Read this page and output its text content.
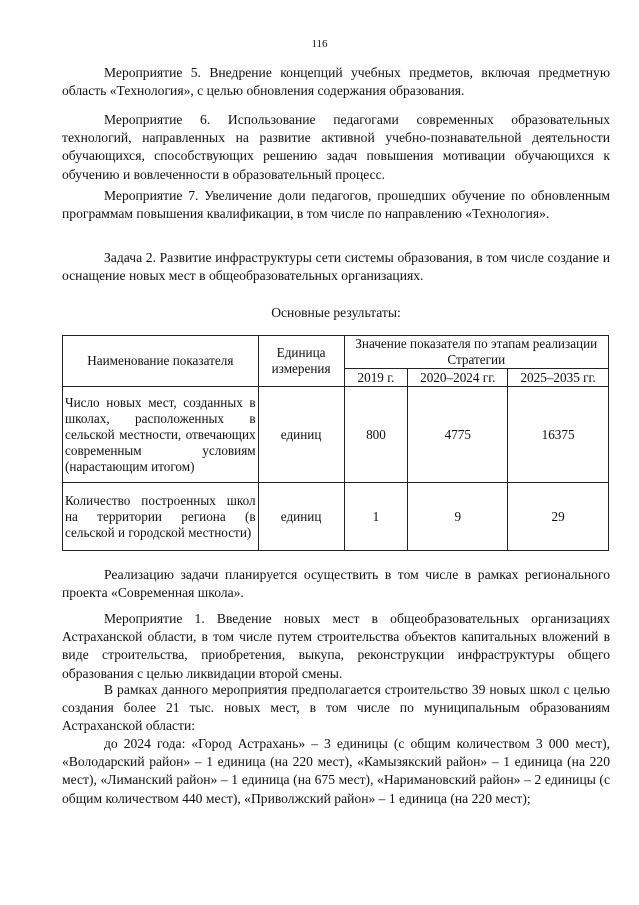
116

Мероприятие 5. Внедрение концепций учебных предметов, включая предметную область «Технология», с целью обновления содержания образования.

Мероприятие 6. Использование педагогами современных образовательных технологий, направленных на развитие активной учебно-познавательной деятельности обучающихся, способствующих решению задач повышения мотивации обучающихся к обучению и вовлеченности в образовательный процесс.

Мероприятие 7. Увеличение доли педагогов, прошедших обучение по обновленным программам повышения квалификации, в том числе по направлению «Технология».

Задача 2. Развитие инфраструктуры сети системы образования, в том числе создание и оснащение новых мест в общеобразовательных организациях.

Основные результаты:

Наименование показателя	Единица измерения	Значение показателя по этапам реализации Стратегии		
		2019 г.	2020–2024 гг.	2025–2035 гг.
Число новых мест, созданных в школах, расположенных в сельской местности, отвечающих современным условиям (нарастающим итогом)	единиц	800	4775	16375
Количество построенных школ на территории региона (в сельской и городской местности)	единиц	1	9	29

Реализацию задачи планируется осуществить в том числе в рамках регионального проекта «Современная школа».

Мероприятие 1. Введение новых мест в общеобразовательных организациях Астраханской области, в том числе путем строительства объектов капитальных вложений в виде строительства, приобретения, выкупа, реконструкции инфраструктуры общего образования с целью ликвидации второй смены.

В рамках данного мероприятия предполагается строительство 39 новых школ с целью создания более 21 тыс. новых мест, в том числе по муниципальным образованиям Астраханской области:

до 2024 года: «Город Астрахань» – 3 единицы (с общим количеством 3 000 мест), «Володарский район» – 1 единица (на 220 мест), «Камызякский район» – 1 единица (на 220 мест), «Лиманский район» – 1 единица (на 675 мест), «Наримановский район» – 2 единицы (с общим количеством 440 мест), «Приволжский район» – 1 единица (на 220 мест);
